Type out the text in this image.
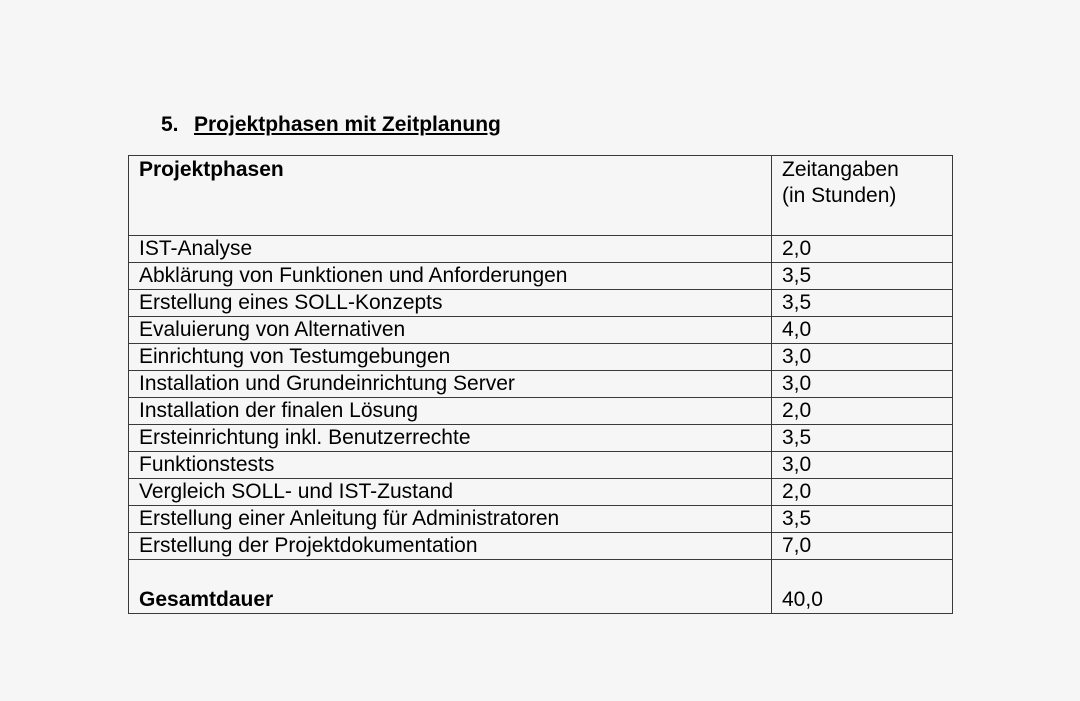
5. Projektphasen mit Zeitplanung
Projektphasen	Zeitangaben
(in Stunden)
IST-Analyse	2,0
Abklärung von Funktionen und Anforderungen	3,5
Erstellung eines SOLL-Konzepts	3,5
Evaluierung von Alternativen	4,0
Einrichtung von Testumgebungen	3,0
Installation und Grundeinrichtung Server	3,0
Installation der finalen Lösung	2,0
Ersteinrichtung inkl. Benutzerrechte	3,5
Funktionstests	3,0
Vergleich SOLL- und IST-Zustand	2,0
Erstellung einer Anleitung für Administratoren	3,5
Erstellung der Projektdokumentation	7,0
Gesamtdauer	40,0
